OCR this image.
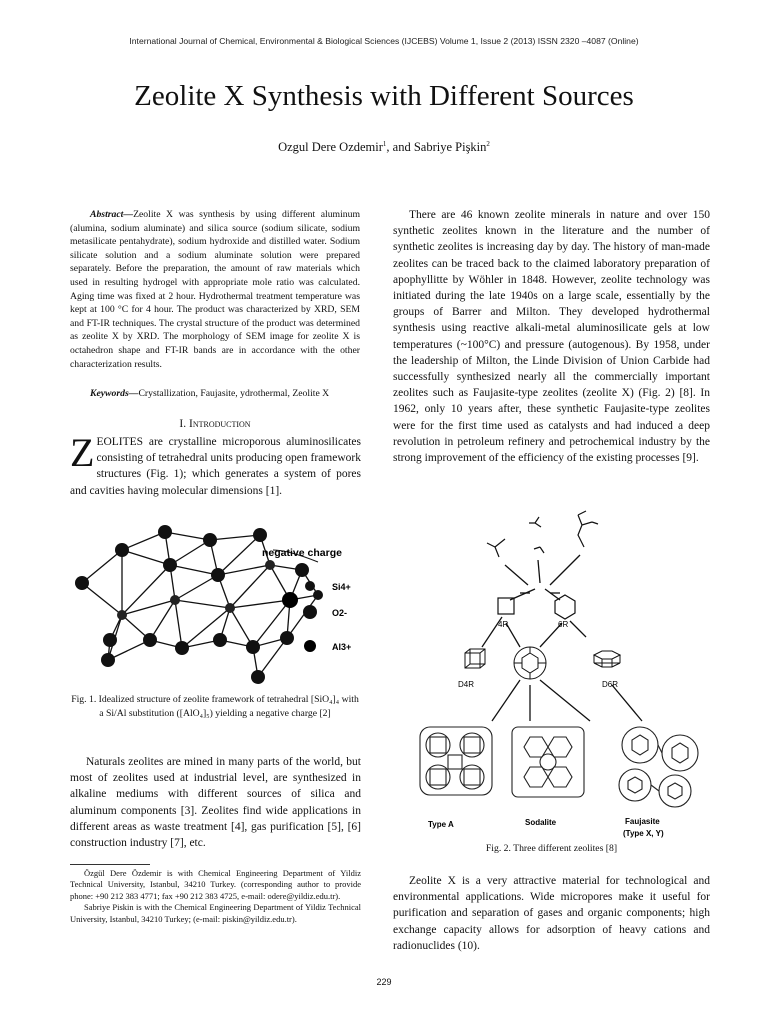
International Journal of Chemical, Environmental & Biological Sciences (IJCEBS) Volume 1, Issue 2 (2013) ISSN 2320 –4087 (Online)
Zeolite X Synthesis with Different Sources
Ozgul Dere Ozdemir$^1$, and Sabriye Pişkin$^2$
Abstract—Zeolite X was synthesis by using different aluminum (alumina, sodium aluminate) and silica source (sodium silicate, sodium metasilicate pentahydrate), sodium hydroxide and distilled water. Sodium silicate solution and a sodium aluminate solution were prepared separately. Before the preparation, the amount of raw materials which used in resulting hydrogel with appropriate mole ratio was calculated. Aging time was fixed at 2 hour. Hydrothermal treatment temperature was kept at 100 °C for 4 hour. The product was characterized by XRD, SEM and FT-IR techniques. The crystal structure of the product was determined as zeolite X by XRD. The morphology of SEM image for zeolite X is octahedron shape and FT-IR bands are in accordance with the other characterization results.
Keywords—Crystallization, Faujasite, ydrothermal, Zeolite X
I. Introduction
ZEOLITES are crystalline microporous aluminosilicates consisting of tetrahedral units producing open framework structures (Fig. 1); which generates a system of pores and cavities having molecular dimensions [1].
negative charge
Si4+
O2-
Al3+
Fig. 1. Idealized structure of zeolite framework of tetrahedral [SiO₄]₄ with a Si/Al substitution ([AlO₄]₅) yielding a negative charge [2]
Naturals zeolites are mined in many parts of the world, but most of zeolites used at industrial level, are synthesized in alkaline mediums with different sources of silica and aluminum components [3]. Zeolites find wide applications in different areas as waste treatment [4], gas purification [5], [6] construction industry [7], etc.
Özgül Dere Özdemir is with Chemical Engineering Department of Yildiz Technical University, Istanbul, 34210 Turkey. (corresponding author to provide phone: +90 212 383 4771; fax +90 212 383 4725, e-mail: odere@yildiz.edu.tr).
Sabriye Piskin is with the Chemical Engineering Department of Yildiz Technical University, Istanbul, 34210 Turkey; (e-mail: piskin@yildiz.edu.tr).
There are 46 known zeolite minerals in nature and over 150 synthetic zeolites known in the literature and the number of synthetic zeolites is increasing day by day. The history of man-made zeolites can be traced back to the claimed laboratory preparation of apophyllitte by Wöhler in 1848. However, zeolite technology was initiated during the late 1940s on a large scale, essentially by the groups of Barrer and Milton. They developed hydrothermal synthesis using reactive alkali-metal aluminosilicate gels at low temperatures (~100°C) and pressure (autogenous). By 1958, under the leadership of Milton, the Linde Division of Union Carbide had successfully synthesized nearly all the commercially important zeolites such as Faujasite-type zeolites (zeolite X) (Fig. 2) [8]. In 1962, only 10 years after, these synthetic Faujasite-type zeolites were for the first time used as catalysts and had induced a deep revolution in petroleum refinery and petrochemical industry by the strong improvement of the efficiency of the existing processes [9].
4R	6R
D4R	D6R
Type A	Sodalite	Faujasite
(Type X, Y)
Fig. 2. Three different zeolites [8]
Zeolite X is a very attractive material for technological and environmental applications. Wide micropores make it useful for purification and separation of gases and organic components; high exchange capacity allows for adsorption of heavy cations and radionuclides (10).
229
